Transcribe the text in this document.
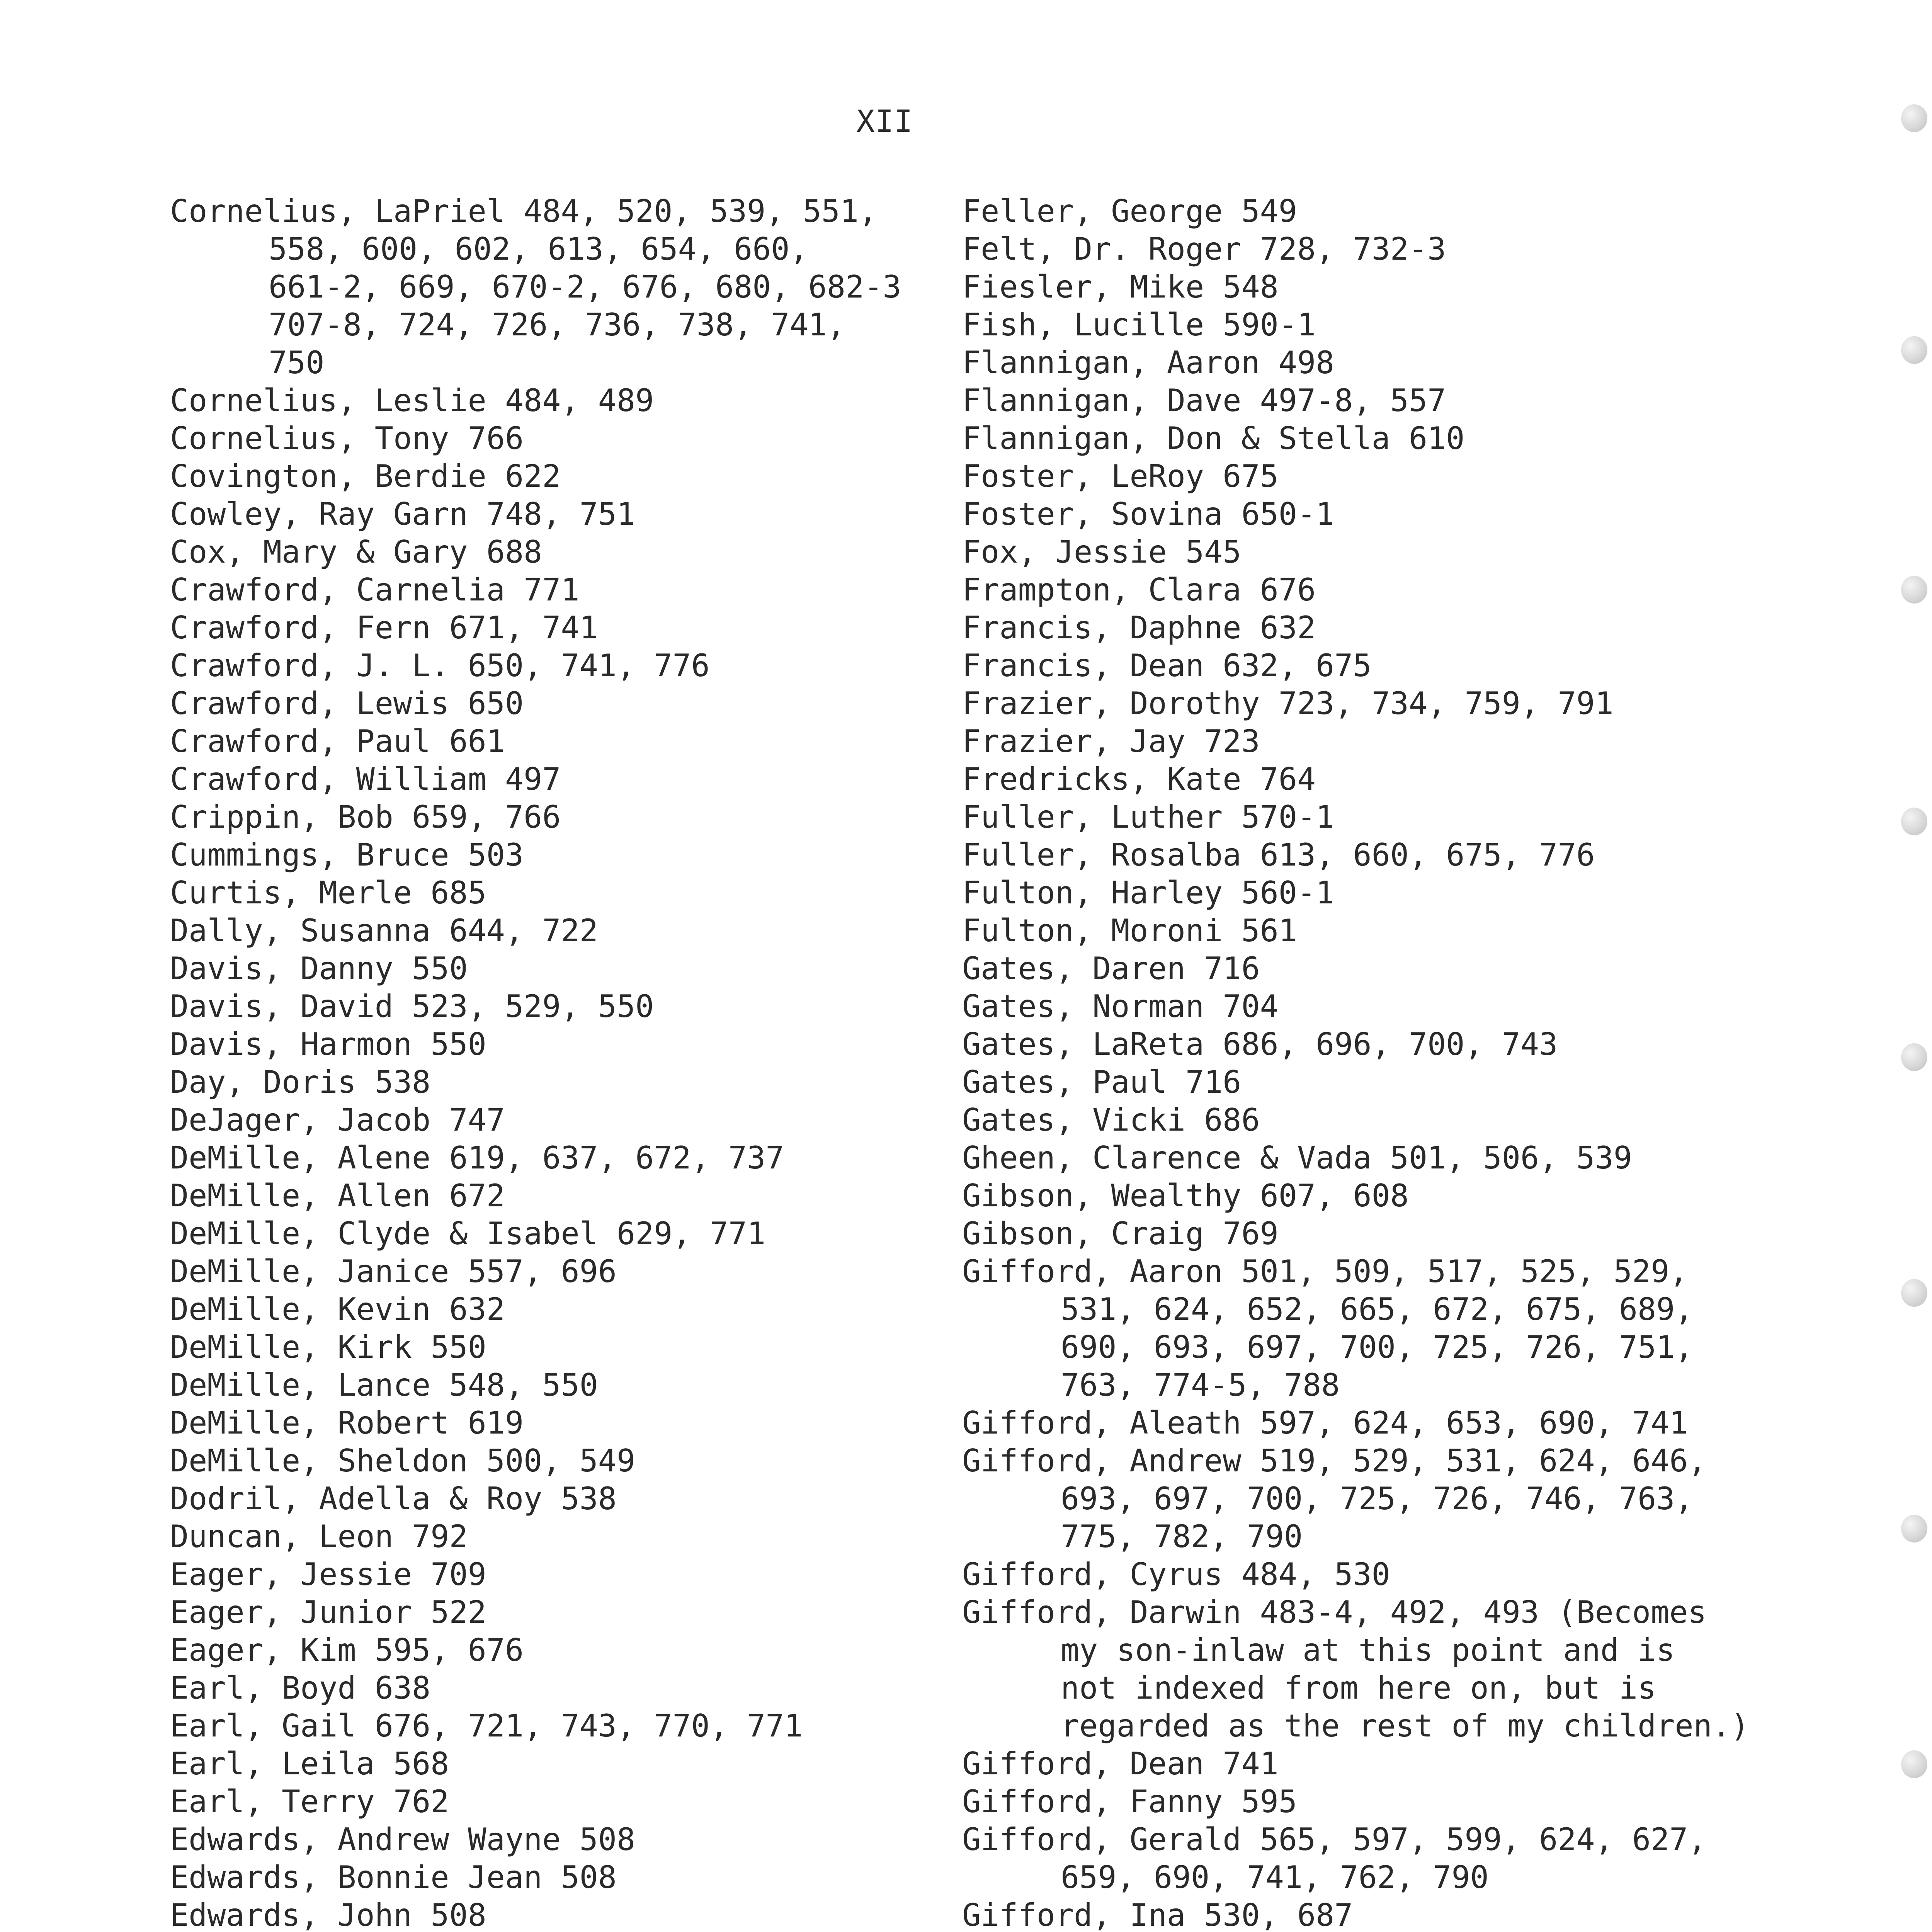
XII
Cornelius, LaPriel 484, 520, 539, 551,
558, 600, 602, 613, 654, 660,
661-2, 669, 670-2, 676, 680, 682-3
707-8, 724, 726, 736, 738, 741,
750
Cornelius, Leslie 484, 489
Cornelius, Tony 766
Covington, Berdie 622
Cowley, Ray Garn 748, 751
Cox, Mary & Gary 688
Crawford, Carnelia 771
Crawford, Fern 671, 741
Crawford, J. L. 650, 741, 776
Crawford, Lewis 650
Crawford, Paul 661
Crawford, William 497
Crippin, Bob 659, 766
Cummings, Bruce 503
Curtis, Merle 685
Dally, Susanna 644, 722
Davis, Danny 550
Davis, David 523, 529, 550
Davis, Harmon 550
Day, Doris 538
DeJager, Jacob 747
DeMille, Alene 619, 637, 672, 737
DeMille, Allen 672
DeMille, Clyde & Isabel 629, 771
DeMille, Janice 557, 696
DeMille, Kevin 632
DeMille, Kirk 550
DeMille, Lance 548, 550
DeMille, Robert 619
DeMille, Sheldon 500, 549
Dodril, Adella & Roy 538
Duncan, Leon 792
Eager, Jessie 709
Eager, Junior 522
Eager, Kim 595, 676
Earl, Boyd 638
Earl, Gail 676, 721, 743, 770, 771
Earl, Leila 568
Earl, Terry 762
Edwards, Andrew Wayne 508
Edwards, Bonnie Jean 508
Edwards, John 508
Feller, George 549
Felt, Dr. Roger 728, 732-3
Fiesler, Mike 548
Fish, Lucille 590-1
Flannigan, Aaron 498
Flannigan, Dave 497-8, 557
Flannigan, Don & Stella 610
Foster, LeRoy 675
Foster, Sovina 650-1
Fox, Jessie 545
Frampton, Clara 676
Francis, Daphne 632
Francis, Dean 632, 675
Frazier, Dorothy 723, 734, 759, 791
Frazier, Jay 723
Fredricks, Kate 764
Fuller, Luther 570-1
Fuller, Rosalba 613, 660, 675, 776
Fulton, Harley 560-1
Fulton, Moroni 561
Gates, Daren 716
Gates, Norman 704
Gates, LaReta 686, 696, 700, 743
Gates, Paul 716
Gates, Vicki 686
Gheen, Clarence & Vada 501, 506, 539
Gibson, Wealthy 607, 608
Gibson, Craig 769
Gifford, Aaron 501, 509, 517, 525, 529,
531, 624, 652, 665, 672, 675, 689,
690, 693, 697, 700, 725, 726, 751,
763, 774-5, 788
Gifford, Aleath 597, 624, 653, 690, 741
Gifford, Andrew 519, 529, 531, 624, 646,
693, 697, 700, 725, 726, 746, 763,
775, 782, 790
Gifford, Cyrus 484, 530
Gifford, Darwin 483-4, 492, 493 (Becomes
my son-inlaw at this point and is
not indexed from here on, but is
regarded as the rest of my children.)
Gifford, Dean 741
Gifford, Fanny 595
Gifford, Gerald 565, 597, 599, 624, 627,
659, 690, 741, 762, 790
Gifford, Ina 530, 687
